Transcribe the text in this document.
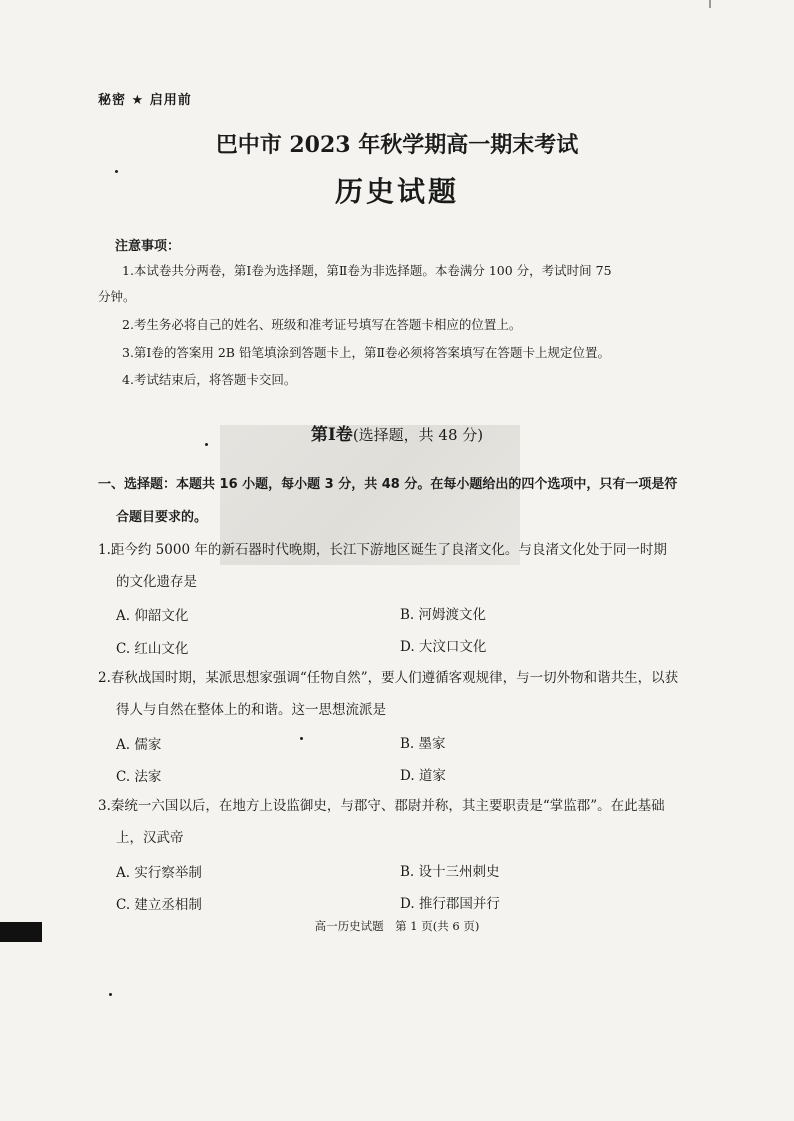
秘密 ★ 启用前
巴中市 2023 年秋学期高一期末考试
历史试题
注意事项：
1.本试卷共分两卷，第Ⅰ卷为选择题，第Ⅱ卷为非选择题。本卷满分 100 分，考试时间 75
分钟。
2.考生务必将自己的姓名、班级和准考证号填写在答题卡相应的位置上。
3.第Ⅰ卷的答案用 2B 铅笔填涂到答题卡上，第Ⅱ卷必须将答案填写在答题卡上规定位置。
4.考试结束后，将答题卡交回。
第Ⅰ卷(选择题，共 48 分)
一、选择题：本题共 16 小题，每小题 3 分，共 48 分。在每小题给出的四个选项中，只有一项是符
合题目要求的。
1.距今约 5000 年的新石器时代晚期，长江下游地区诞生了良渚文化。与良渚文化处于同一时期
的文化遗存是
A. 仰韶文化	B. 河姆渡文化
C. 红山文化	D. 大汶口文化
2.春秋战国时期，某派思想家强调“任物自然”，要人们遵循客观规律，与一切外物和谐共生，以获
得人与自然在整体上的和谐。这一思想流派是
A. 儒家	B. 墨家
C. 法家	D. 道家
3.秦统一六国以后，在地方上设监御史，与郡守、郡尉并称，其主要职责是“掌监郡”。在此基础
上，汉武帝
A. 实行察举制	B. 设十三州刺史
C. 建立丞相制	D. 推行郡国并行
高一历史试题　第 1 页(共 6 页)
